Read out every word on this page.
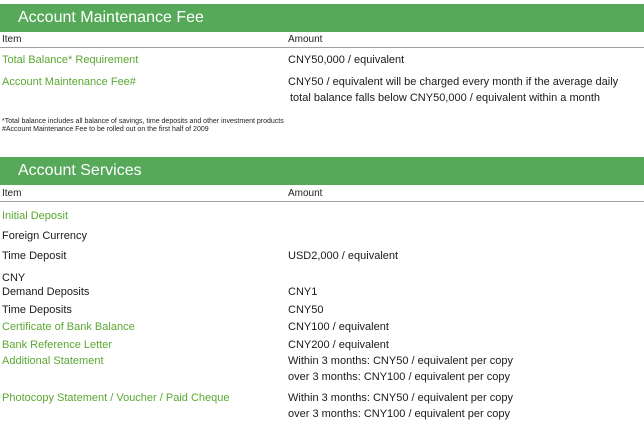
Account Maintenance Fee
Item	Amount
Total Balance* Requirement	CNY50,000 / equivalent
Account Maintenance Fee#	CNY50 / equivalent will be charged every month if the average daily
total balance falls below CNY50,000 / equivalent within a month
*Total balance includes all balance of savings, time deposits and other investment products
#Account Maintenance Fee to be rolled out on the first half of 2009
Account Services
Item	Amount
Initial Deposit
Foreign Currency
Time Deposit	USD2,000 / equivalent
CNY
Demand Deposits	CNY1
Time Deposits	CNY50
Certificate of Bank Balance	CNY100 / equivalent
Bank Reference Letter	CNY200 / equivalent
Additional Statement	Within 3 months: CNY50 / equivalent per copy
over 3 months: CNY100 / equivalent per copy
Photocopy Statement / Voucher / Paid Cheque	Within 3 months: CNY50 / equivalent per copy
over 3 months: CNY100 / equivalent per copy
